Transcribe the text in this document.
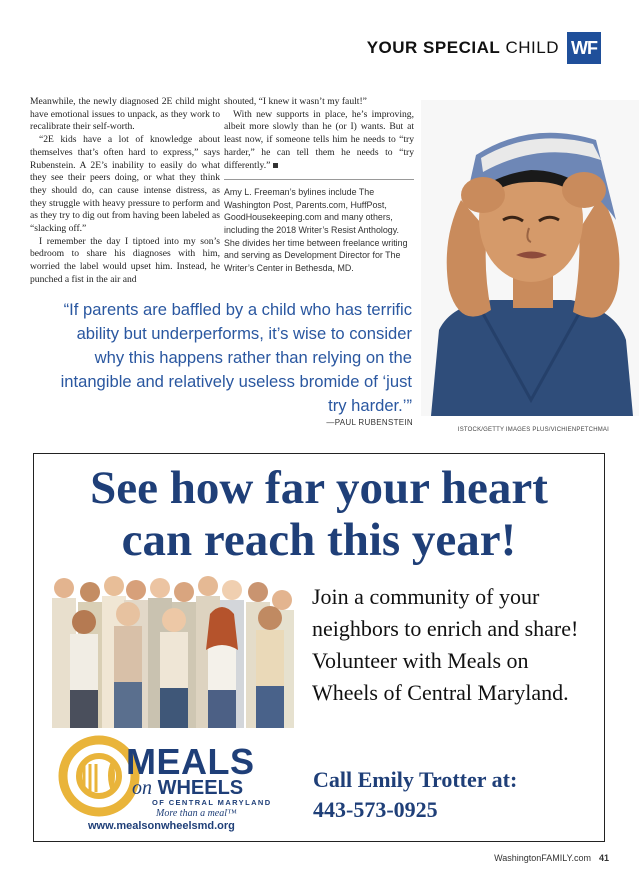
YOUR SPECIAL CHILD WF

Meanwhile, the newly diagnosed 2E child might have emotional issues to unpack, as they work to recalibrate their self-worth.

“2E kids have a lot of knowledge about themselves that’s often hard to express,” says Rubenstein. A 2E’s inability to easily do what they see their peers doing, or what they think they should do, can cause intense distress, as they struggle with heavy pressure to perform and as they try to dig out from having been labeled as “slacking off.”

I remember the day I tiptoed into my son’s bedroom to share his diagnoses with him, worried the label would upset him. Instead, he punched a fist in the air and

shouted, “I knew it wasn’t my fault!”

With new supports in place, he’s improving, albeit more slowly than he (or I) wants. But at least now, if someone tells him he needs to “try harder,” he can tell them he needs to “try differently.”

Amy L. Freeman’s bylines include The Washington Post, Parents.com, HuffPost, GoodHousekeeping.com and many others, including the 2018 Writer’s Resist Anthology. She divides her time between freelance writing and serving as Development Director for The Writer’s Center in Bethesda, MD.
ISTOCK/GETTY IMAGES PLUS/VICHIENPETCHMAI
“If parents are baffled by a child who has terrific ability but underperforms, it’s wise to consider why this happens rather than relying on the intangible and relatively useless bromide of ‘just try harder.’”
—PAUL RUBENSTEIN
See how far your heart
can reach this year!
Join a community of your neighbors to enrich and share! Volunteer with Meals on Wheels of Central Maryland.
MEALS
on WHEELS
OF CENTRAL MARYLAND
More than a meal™
www.mealsonwheelsmd.org
Call Emily Trotter at:
443-573-0925
WashingtonFAMILY.com 41
